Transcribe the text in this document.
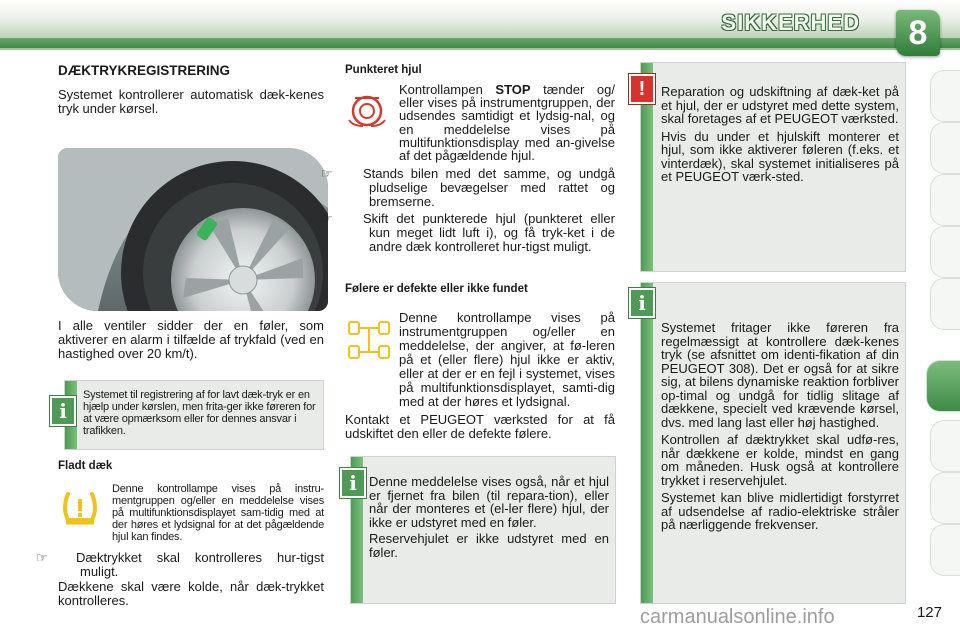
SIKKERHED	8
DÆKTRYKREGISTRERING

Systemet kontrollerer automatisk dæk-kenes tryk under kørsel.

I alle ventiler sidder der en føler, som aktiverer en alarm i tilfælde af trykfald (ved en hastighed over 20 km/t).

Systemet til registrering af for lavt dæk-tryk er en hjælp under kørslen, men frita-ger ikke føreren for at være opmærksom eller for dennes ansvar i trafikken.
i
Fladt dæk
Denne kontrollampe vises på instru-mentgruppen og/eller en meddelelse vises på multifunktionsdisplayet sam-tidig med at der høres et lydsignal for at det pågældende hjul kan findes.

☞ Dæktrykket skal kontrolleres hur-tigst muligt.

Dækkene skal være kolde, når dæk-trykket kontrolleres.

Punkteret hjul

Kontrollampen STOP tænder og/ eller vises på instrumentgruppen, der udsendes samtidigt et lydsig-nal, og en meddelelse vises på multifunktionsdisplay med an-givelse af det pågældende hjul.

☞ Stands bilen med det samme, og undgå pludselige bevægelser med rattet og bremserne.

☞ Skift det punkterede hjul (punkteret eller kun meget lidt luft i), og få tryk-ket i de andre dæk kontrolleret hur-tigst muligt.

Følere er defekte eller ikke fundet

Denne kontrollampe vises på instrumentgruppen og/eller en meddelelse, der angiver, at fø-leren på et (eller flere) hjul ikke er aktiv, eller at der er en fejl i systemet, vises på multifunktionsdisplayet, samti-dig med at der høres et lydsignal.

Kontakt et PEUGEOT værksted for at få udskiftet den eller de defekte følere.

Denne meddelelse vises også, når et hjul er fjernet fra bilen (til repara-tion), eller når der monteres et (el-ler flere) hjul, der ikke er udstyret med en føler.

Reservehjulet er ikke udstyret med en føler.

i

Reparation og udskiftning af dæk-ket på et hjul, der er udstyret med dette system, skal foretages af et PEUGEOT værksted.

Hvis du under et hjulskift monterer et hjul, som ikke aktiverer føleren (f.eks. et vinterdæk), skal systemet initialiseres på et PEUGEOT værk-sted.

!

Systemet fritager ikke føreren fra regelmæssigt at kontrollere dæk-kenes tryk (se afsnittet om identi-fikation af din PEUGEOT 308). Det er også for at sikre sig, at bilens dynamiske reaktion forbliver op-timal og undgå for tidlig slitage af dækkene, specielt ved krævende kørsel, dvs. med lang last eller høj hastighed.

Kontrollen af dæktrykket skal udfø-res, når dækkene er kolde, mindst en gang om måneden. Husk også at kontrollere trykket i reservehjulet.

Systemet kan blive midlertidigt forstyrret af udsendelse af radio-elektriske stråler på nærliggende frekvenser.

i
127
carmanualsonline.info
